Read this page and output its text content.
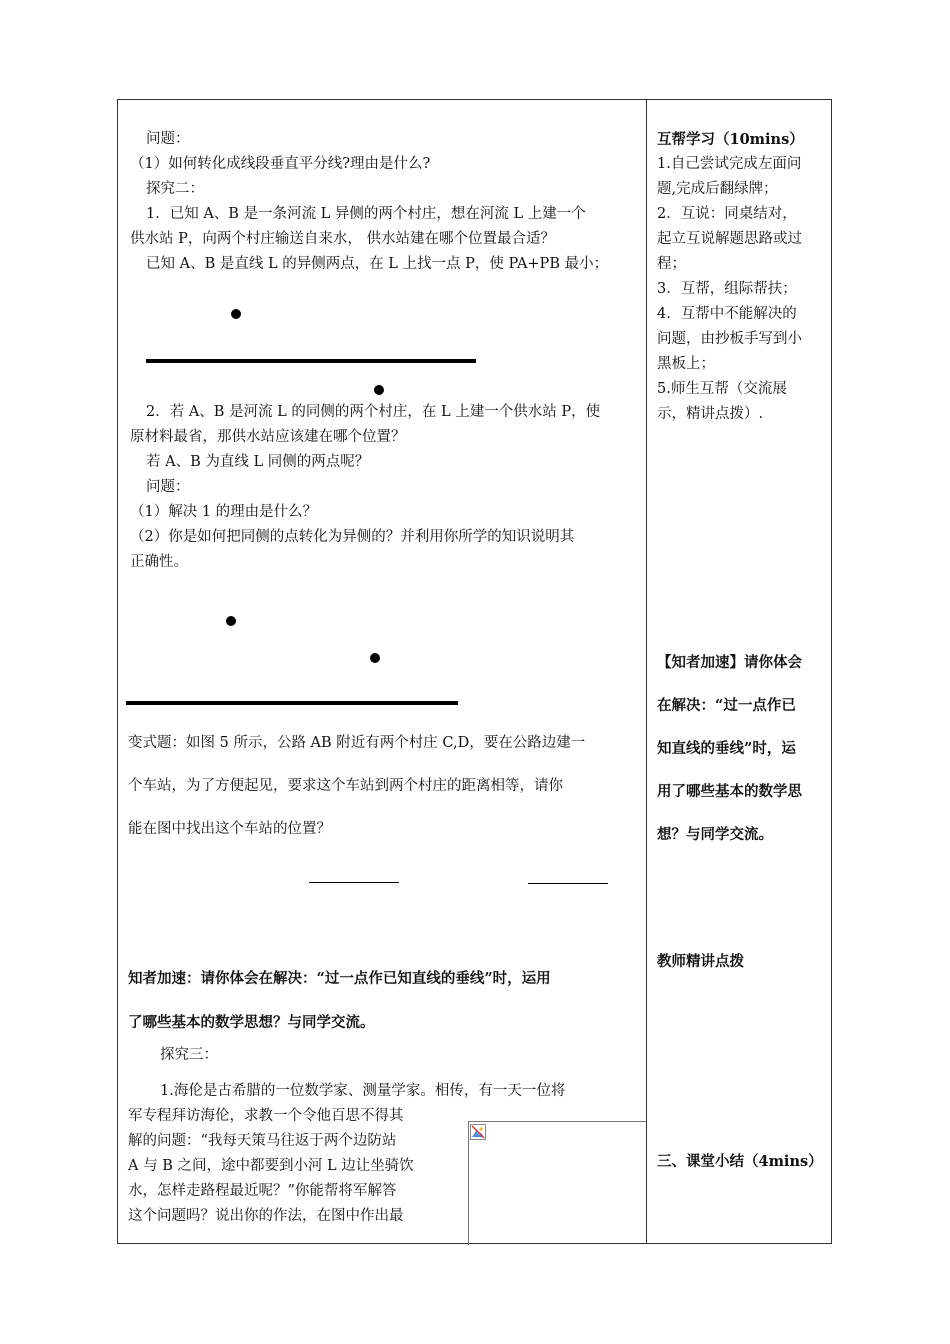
问题：
（1）如何转化成线段垂直平分线?理由是什么?
探究二：
1．已知 A、B 是一条河流 L 异侧的两个村庄，想在河流 L 上建一个
供水站 P，向两个村庄输送自来水， 供水站建在哪个位置最合适？
已知 A、B 是直线 L 的异侧两点，在 L 上找一点 P，使 PA+PB 最小；
2．若 A、B 是河流 L 的同侧的两个村庄，在 L 上建一个供水站 P，使
原材料最省，那供水站应该建在哪个位置？
若 A、B 为直线 L 同侧的两点呢？
问题：
（1）解决 1 的理由是什么？
（2）你是如何把同侧的点转化为异侧的？并利用你所学的知识说明其
正确性。
变式题：如图 5 所示，公路 AB 附近有两个村庄 C,D，要在公路边建一
个车站，为了方便起见，要求这个车站到两个村庄的距离相等，请你
能在图中找出这个车站的位置？
知者加速：请你体会在解决：“过一点作已知直线的垂线”时，运用
了哪些基本的数学思想？与同学交流。
探究三：
1.海伦是古希腊的一位数学家、测量学家。相传，有一天一位将
军专程拜访海伦，求教一个令他百思不得其
解的问题：“我每天策马往返于两个边防站
A 与 B 之间，途中都要到小河 L 边让坐骑饮
水，怎样走路程最近呢？”你能帮将军解答
这个问题吗？说出你的作法，在图中作出最
互帮学习（10mins）
1.自己尝试完成左面问
题,完成后翻绿牌；
2．互说：同桌结对，
起立互说解题思路或过
程；
3．互帮，组际帮扶；
4．互帮中不能解决的
问题，由抄板手写到小
黑板上；
5.师生互帮（交流展
示，精讲点拨）.
【知者加速】请你体会
在解决：“过一点作已
知直线的垂线”时，运
用了哪些基本的数学思
想？与同学交流。
教师精讲点拨
三、课堂小结（4mins）
